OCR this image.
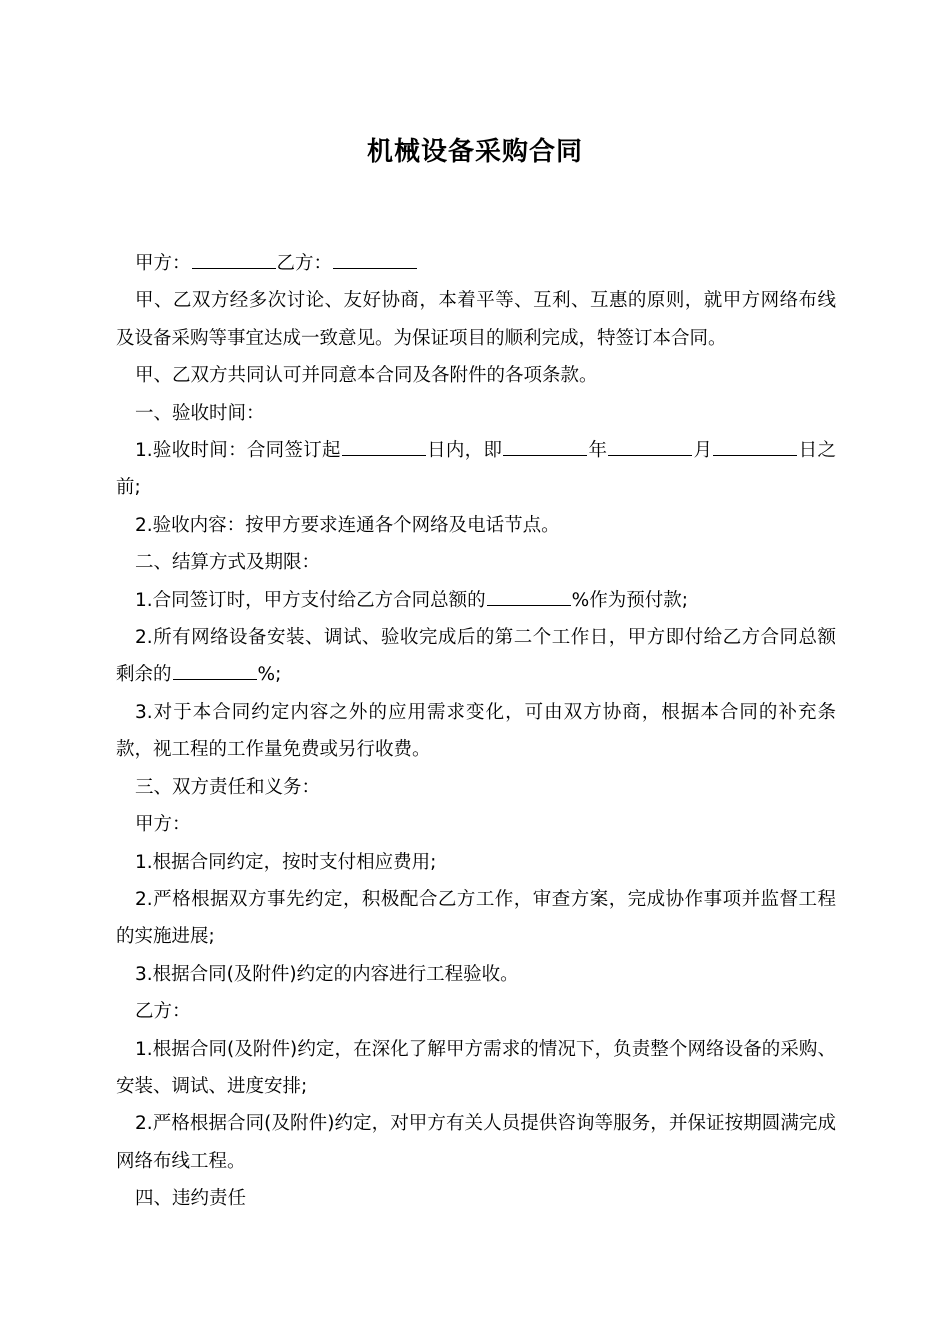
机械设备采购合同

甲方：	乙方：

甲、乙双方经多次讨论、友好协商，本着平等、互利、互惠的原则，就甲方网络布线及设备采购等事宜达成一致意见。为保证项目的顺利完成，特签订本合同。

甲、乙双方共同认可并同意本合同及各附件的各项条款。

一、验收时间：

1.验收时间：合同签订起	日内，即	年	月	日之前;

2.验收内容：按甲方要求连通各个网络及电话节点。

二、结算方式及期限：

1.合同签订时，甲方支付给乙方合同总额的	%作为预付款;

2.所有网络设备安装、调试、验收完成后的第二个工作日，甲方即付给乙方合同总额剩余的	%;

3.对于本合同约定内容之外的应用需求变化，可由双方协商，根据本合同的补充条款，视工程的工作量免费或另行收费。

三、双方责任和义务：

甲方：

1.根据合同约定，按时支付相应费用;

2.严格根据双方事先约定，积极配合乙方工作，审查方案，完成协作事项并监督工程的实施进展;

3.根据合同(及附件)约定的内容进行工程验收。

乙方：

1.根据合同(及附件)约定，在深化了解甲方需求的情况下，负责整个网络设备的采购、安装、调试、进度安排;

2.严格根据合同(及附件)约定，对甲方有关人员提供咨询等服务，并保证按期圆满完成网络布线工程。

四、违约责任
